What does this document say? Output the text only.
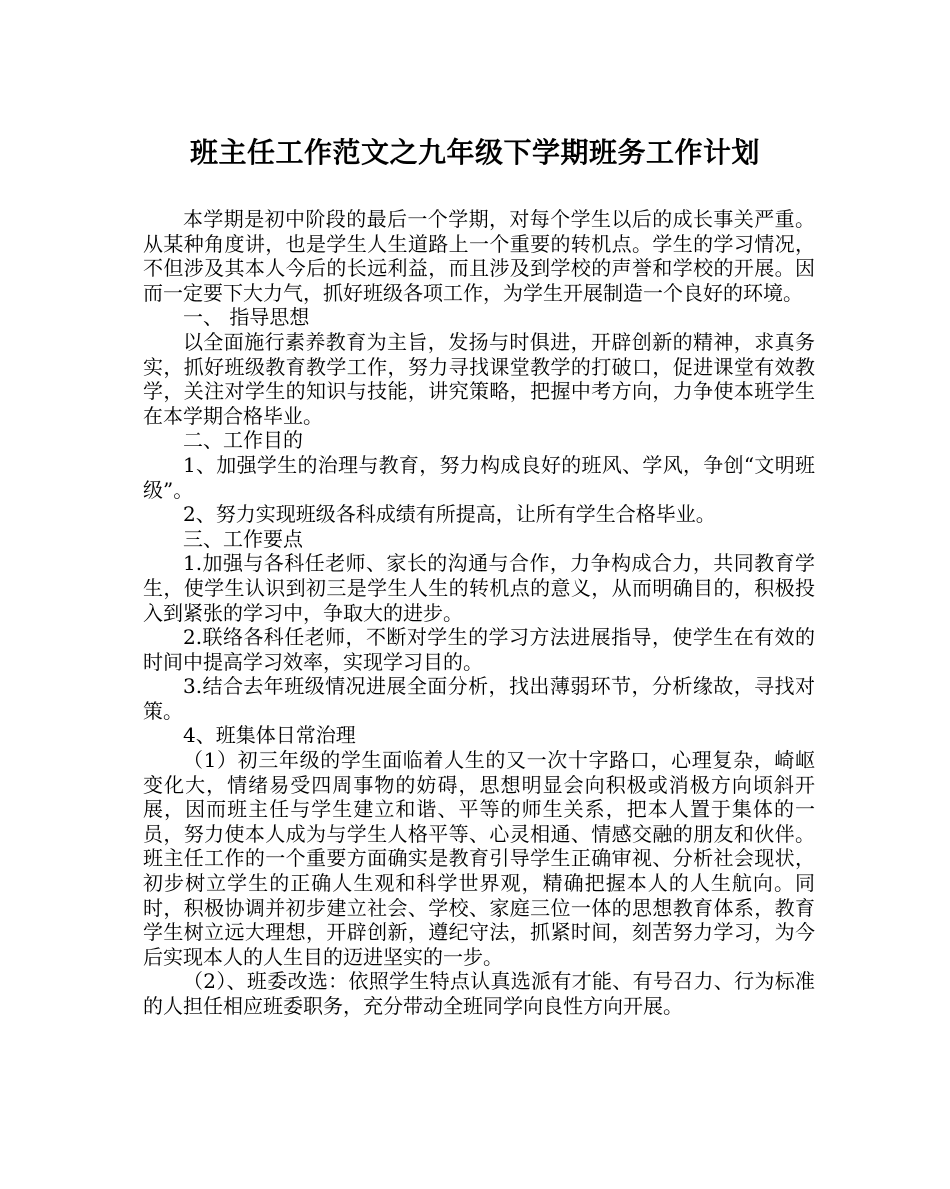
班主任工作范文之九年级下学期班务工作计划

本学期是初中阶段的最后一个学期，对每个学生以后的成长事关严重。从某种角度讲，也是学生人生道路上一个重要的转机点。学生的学习情况，不但涉及其本人今后的长远利益，而且涉及到学校的声誉和学校的开展。因而一定要下大力气，抓好班级各项工作，为学生开展制造一个良好的环境。

一、 指导思想

以全面施行素养教育为主旨，发扬与时俱进，开辟创新的精神，求真务实，抓好班级教育教学工作，努力寻找课堂教学的打破口，促进课堂有效教学，关注对学生的知识与技能，讲究策略，把握中考方向，力争使本班学生在本学期合格毕业。

二、工作目的

1、加强学生的治理与教育，努力构成良好的班风、学风，争创“文明班级”。

2、努力实现班级各科成绩有所提高，让所有学生合格毕业。

三、工作要点

1.加强与各科任老师、家长的沟通与合作，力争构成合力，共同教育学生，使学生认识到初三是学生人生的转机点的意义，从而明确目的，积极投入到紧张的学习中，争取大的进步。

2.联络各科任老师，不断对学生的学习方法进展指导，使学生在有效的时间中提高学习效率，实现学习目的。

3.结合去年班级情况进展全面分析，找出薄弱环节，分析缘故，寻找对策。

4、班集体日常治理

（1）初三年级的学生面临着人生的又一次十字路口，心理复杂，崎岖变化大，情绪易受四周事物的妨碍，思想明显会向积极或消极方向顷斜开展，因而班主任与学生建立和谐、平等的师生关系，把本人置于集体的一员，努力使本人成为与学生人格平等、心灵相通、情感交融的朋友和伙伴。班主任工作的一个重要方面确实是教育引导学生正确审视、分析社会现状，初步树立学生的正确人生观和科学世界观，精确把握本人的人生航向。同时，积极协调并初步建立社会、学校、家庭三位一体的思想教育体系，教育学生树立远大理想，开辟创新，遵纪守法，抓紧时间，刻苦努力学习，为今后实现本人的人生目的迈进坚实的一步。

（2）、班委改选：依照学生特点认真选派有才能、有号召力、行为标准的人担任相应班委职务，充分带动全班同学向良性方向开展。
